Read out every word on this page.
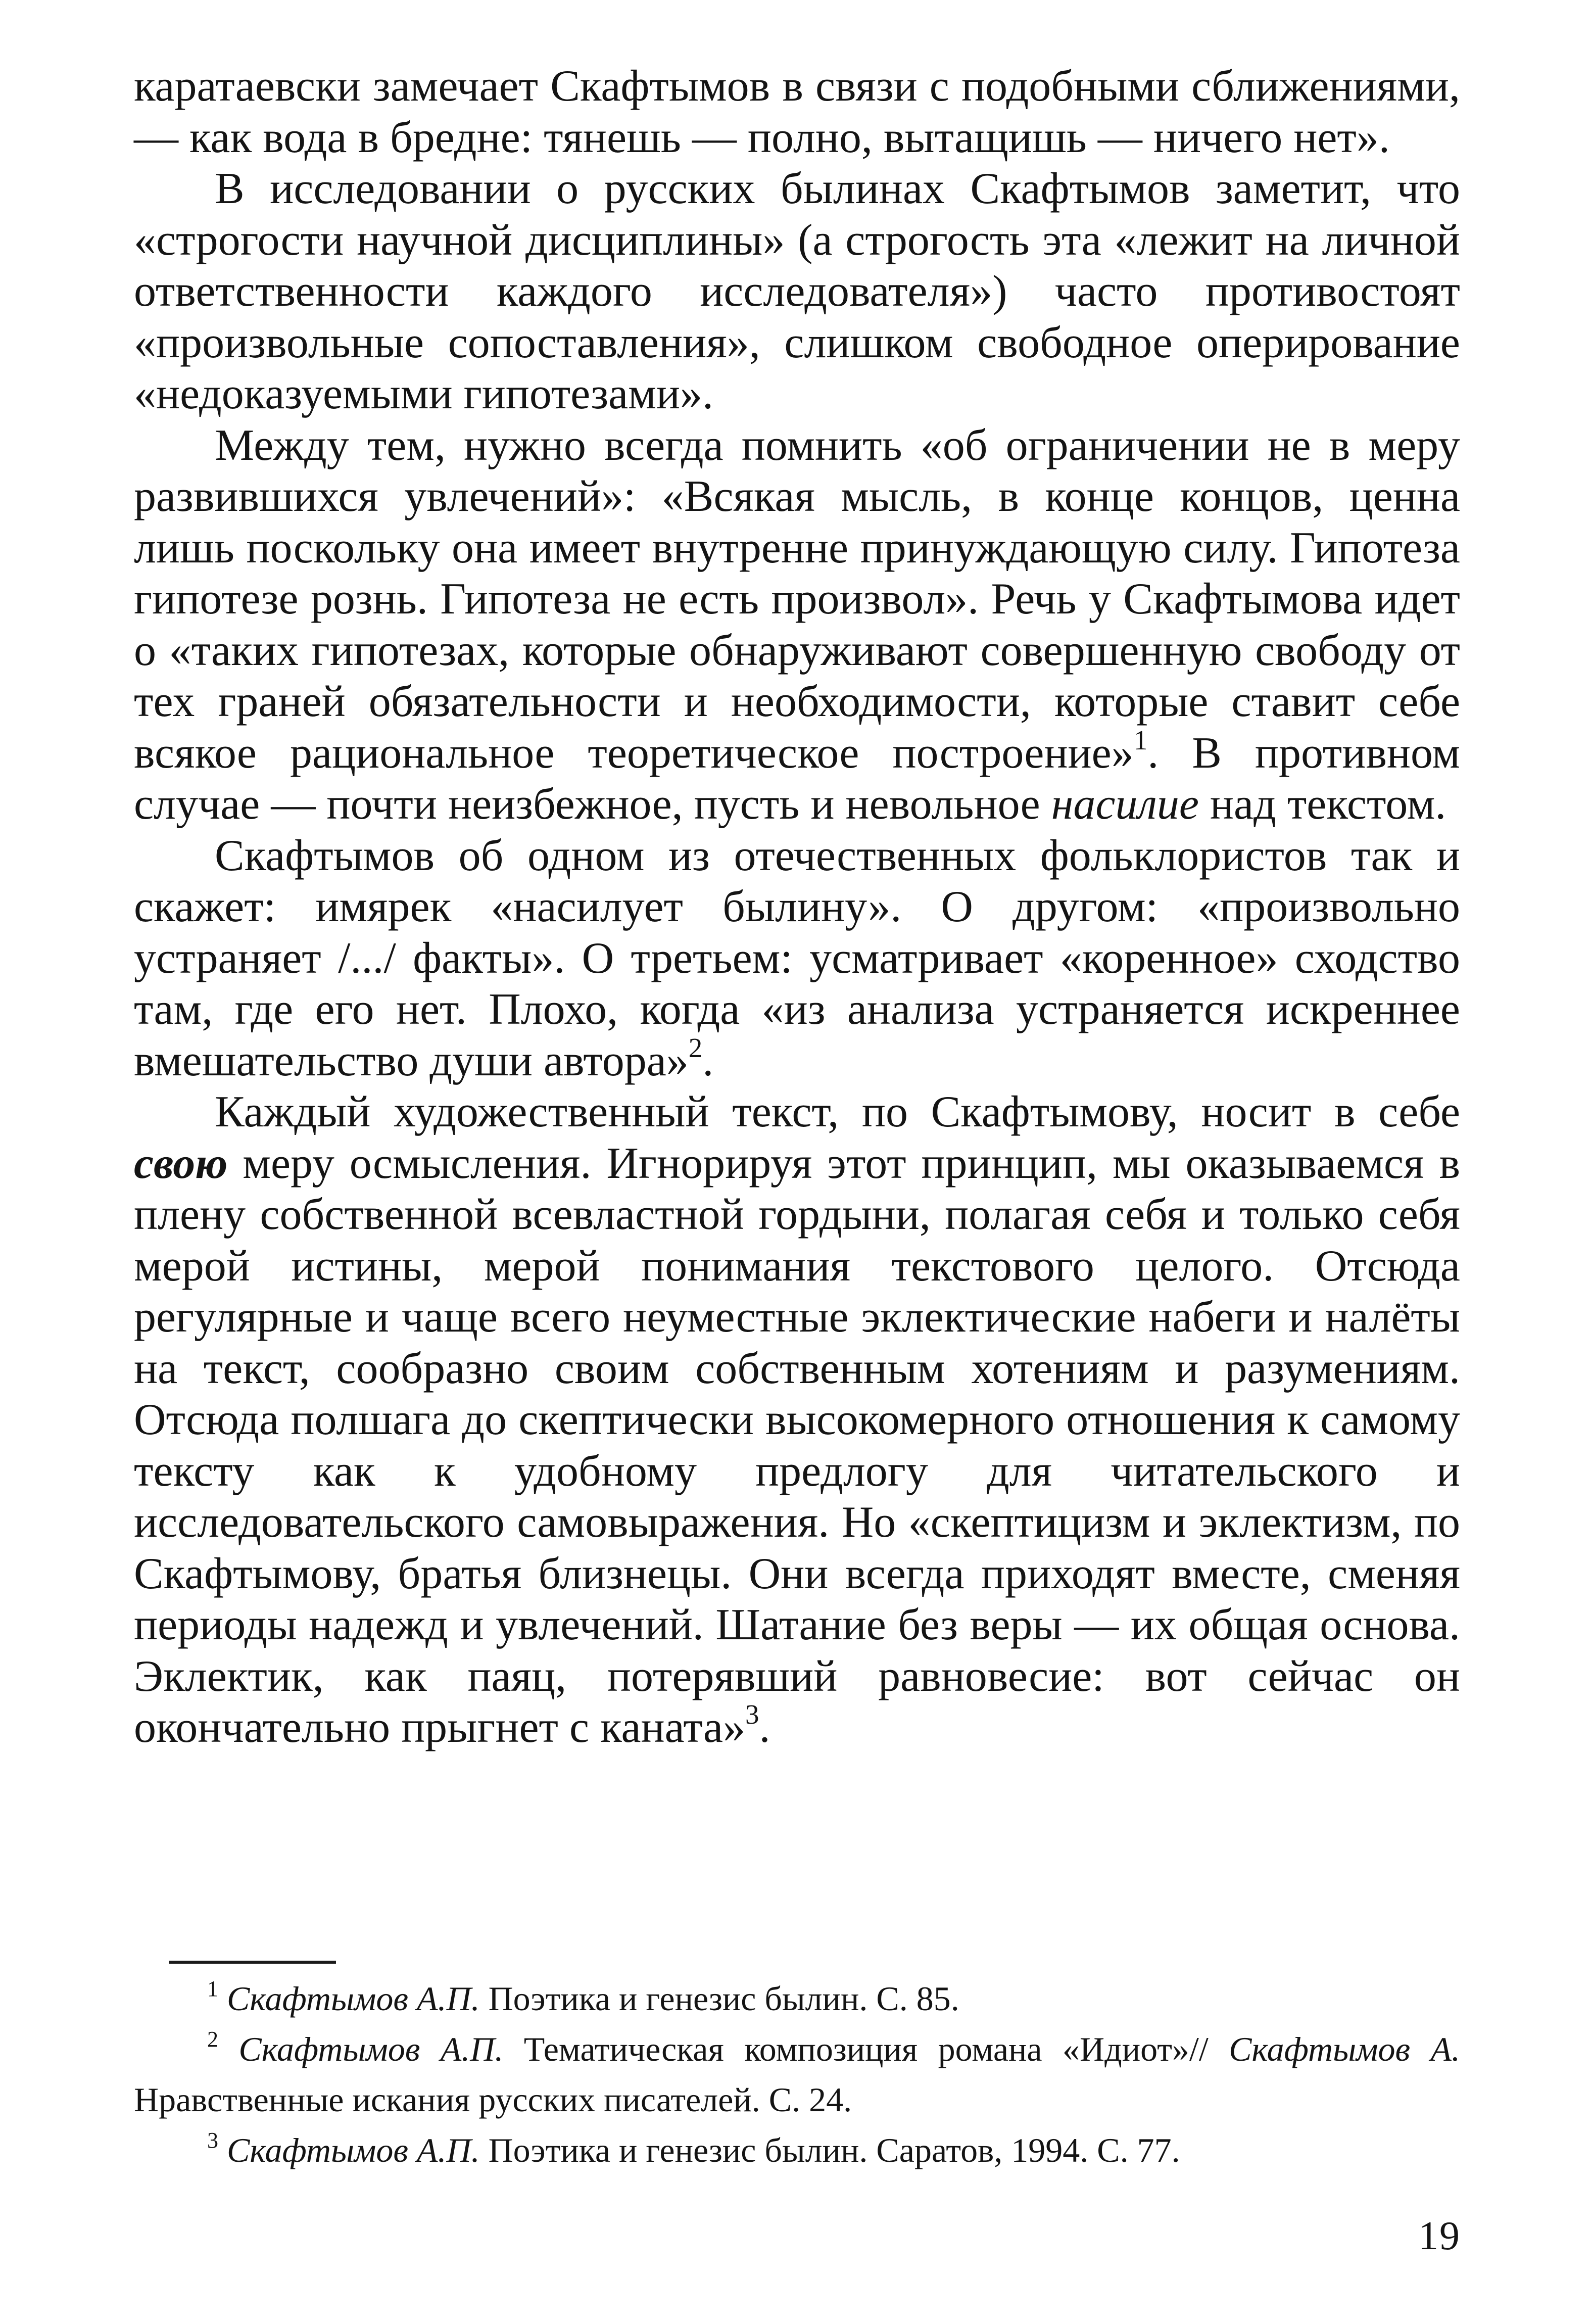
каратаевски замечает Скафтымов в связи с подобными сближениями, — как вода в бредне: тянешь — полно, вытащишь — ничего нет».

В исследовании о русских былинах Скафтымов заметит, что «строгости научной дисциплины» (а строгость эта «лежит на личной ответственности каждого исследователя») часто противостоят «произвольные сопоставления», слишком свободное оперирование «недоказуемыми гипотезами».

Между тем, нужно всегда помнить «об ограничении не в меру развившихся увлечений»: «Всякая мысль, в конце концов, ценна лишь поскольку она имеет внутренне принуждающую силу. Гипотеза гипотезе рознь. Гипотеза не есть произвол». Речь у Скафтымова идет о «таких гипотезах, которые обнаруживают совершенную свободу от тех граней обязательности и необходимости, которые ставит себе всякое рациональное теоретическое построение»$^1$. В противном случае — почти неизбежное, пусть и невольное насилие над текстом.

Скафтымов об одном из отечественных фольклористов так и скажет: имярек «насилует былину». О другом: «произвольно устраняет /.../ факты». О третьем: усматривает «коренное» сходство там, где его нет. Плохо, когда «из анализа устраняется искреннее вмешательство души автора»$^2$.

Каждый художественный текст, по Скафтымову, носит в себе свою меру осмысления. Игнорируя этот принцип, мы оказываемся в плену собственной всевластной гордыни, полагая себя и только себя мерой истины, мерой понимания текстового целого. Отсюда регулярные и чаще всего неуместные эклектические набеги и налёты на текст, сообразно своим собственным хотениям и разумениям. Отсюда полшага до скептически высокомерного отношения к самому тексту как к удобному предлогу для читательского и исследовательского самовыражения. Но «скептицизм и эклектизм, по Скафтымову, братья близнецы. Они всегда приходят вместе, сменяя периоды надежд и увлечений. Шатание без веры — их общая основа. Эклектик, как паяц, потерявший равновесие: вот сейчас он окончательно прыгнет с каната»$^3$.

$^1$ Скафтымов А.П. Поэтика и генезис былин. С. 85.

$^2$ Скафтымов А.П. Тематическая композиция романа «Идиот»// Скафтымов А. Нравственные искания русских писателей. С. 24.

$^3$ Скафтымов А.П. Поэтика и генезис былин. Саратов, 1994. С. 77.

19
